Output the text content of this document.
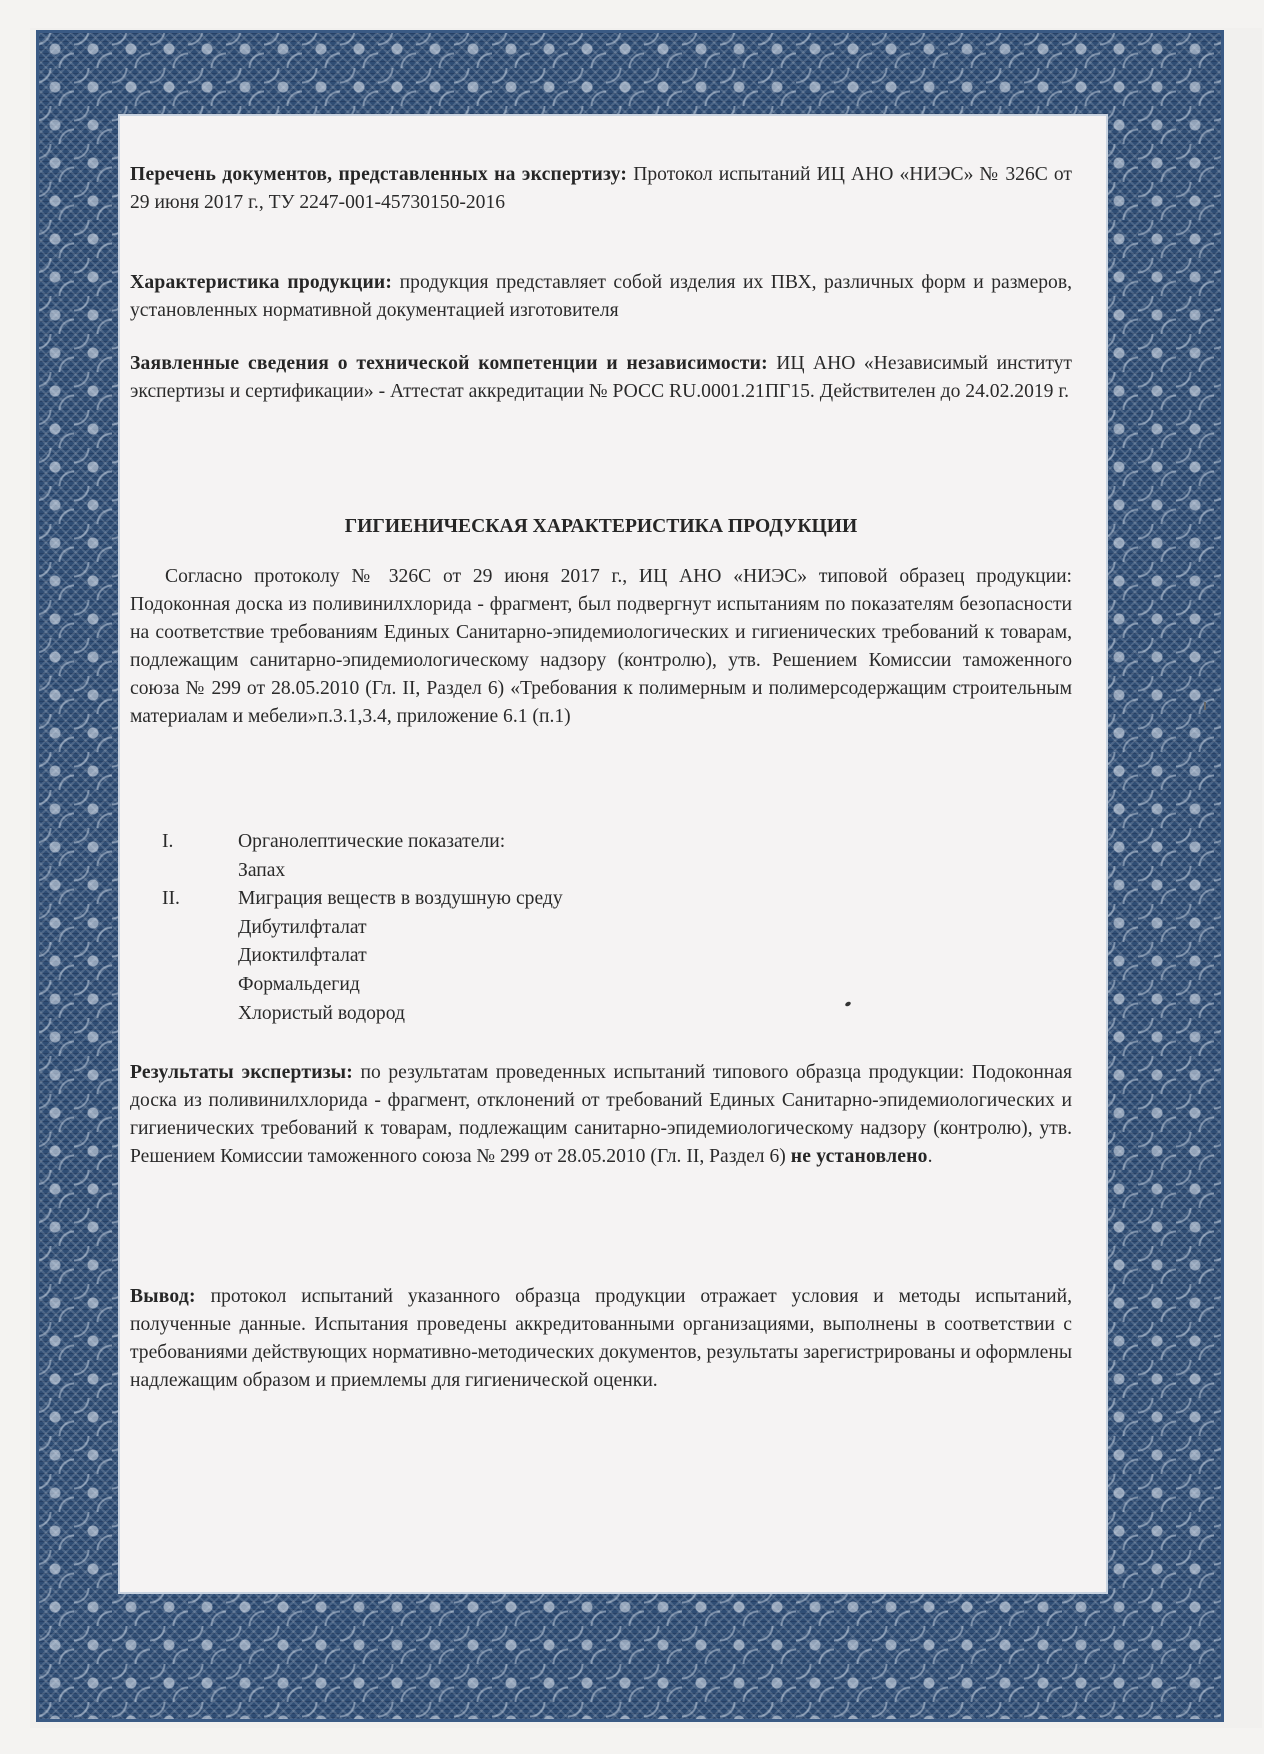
Перечень документов, представленных на экспертизу: Протокол испытаний ИЦ АНО «НИЭС» № 326С от 29 июня 2017 г., ТУ 2247-001-45730150-2016
Характеристика продукции: продукция представляет собой изделия их ПВХ, различных форм и размеров, установленных нормативной документацией изготовителя
Заявленные сведения о технической компетенции и независимости: ИЦ АНО «Независимый институт экспертизы и сертификации» - Аттестат аккредитации № РОСС RU.0001.21ПГ15. Действителен до 24.02.2019 г.
ГИГИЕНИЧЕСКАЯ ХАРАКТЕРИСТИКА ПРОДУКЦИИ
Согласно протоколу № 326С от 29 июня 2017 г., ИЦ АНО «НИЭС» типовой образец продукции: Подоконная доска из поливинилхлорида - фрагмент, был подвергнут испытаниям по показателям безопасности на соответствие требованиям Единых Санитарно-эпидемиологических и гигиенических требований к товарам, подлежащим санитарно-эпидемиологическому надзору (контролю), утв. Решением Комиссии таможенного союза № 299 от 28.05.2010 (Гл. II, Раздел 6) «Требования к полимерным и полимерсодержащим строительным материалам и мебели»п.3.1,3.4, приложение 6.1 (п.1)
I.	Органолептические показатели:
Запах
II.	Миграция веществ в воздушную среду
Дибутилфталат
Диоктилфталат
Формальдегид
Хлористый водород
Результаты экспертизы: по результатам проведенных испытаний типового образца продукции: Подоконная доска из поливинилхлорида - фрагмент, отклонений от требований Единых Санитарно-эпидемиологических и гигиенических требований к товарам, подлежащим санитарно-эпидемиологическому надзору (контролю), утв. Решением Комиссии таможенного союза № 299 от 28.05.2010 (Гл. II, Раздел 6) не установлено.
Вывод: протокол испытаний указанного образца продукции отражает условия и методы испытаний, полученные данные. Испытания проведены аккредитованными организациями, выполнены в соответствии с требованиями действующих нормативно-методических документов, результаты зарегистрированы и оформлены надлежащим образом и приемлемы для гигиенической оценки.
